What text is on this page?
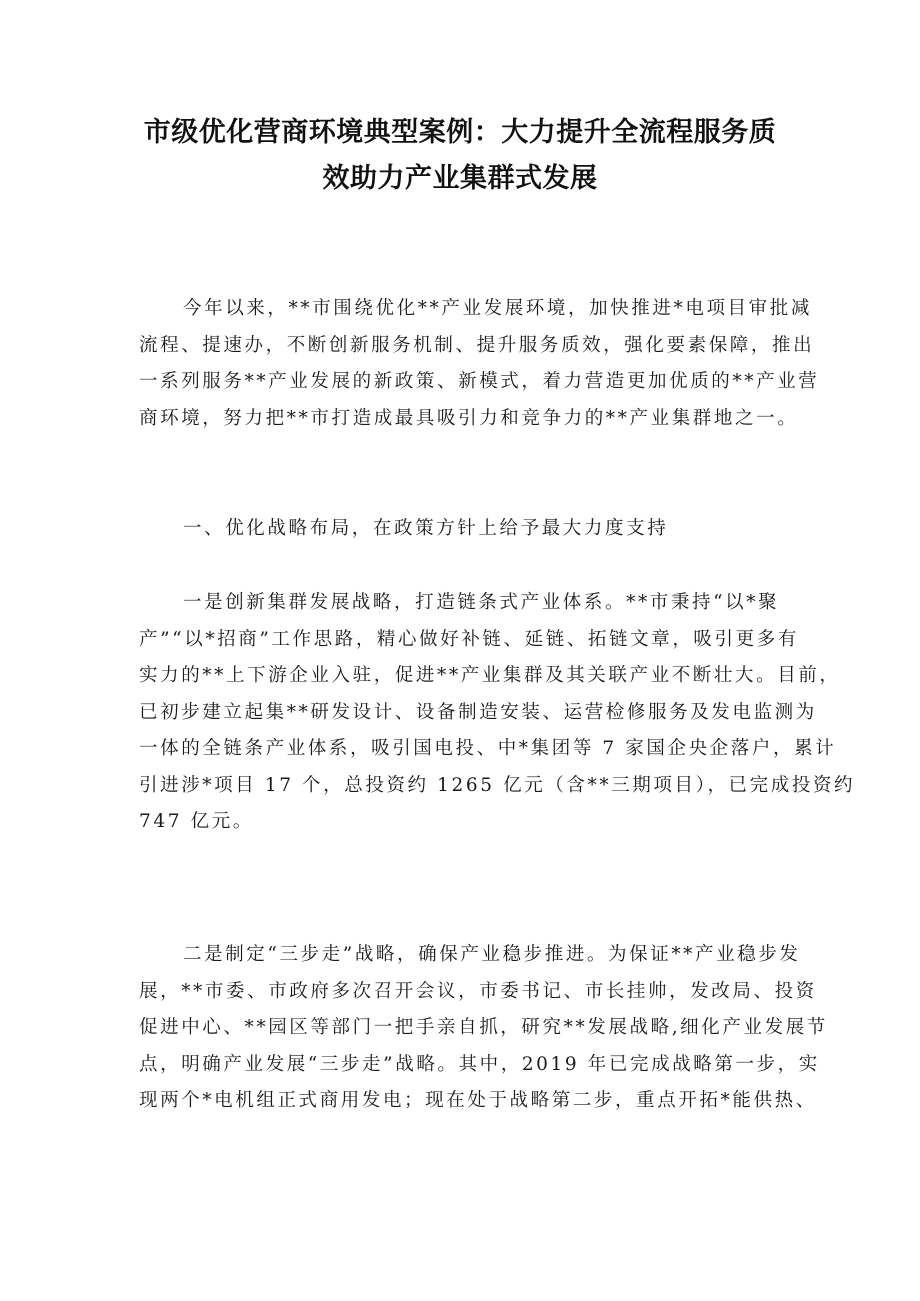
市级优化营商环境典型案例：大力提升全流程服务质
效助力产业集群式发展
今年以来，**市围绕优化**产业发展环境，加快推进*电项目审批减
流程、提速办，不断创新服务机制、提升服务质效，强化要素保障，推出
一系列服务**产业发展的新政策、新模式，着力营造更加优质的**产业营
商环境，努力把**市打造成最具吸引力和竞争力的**产业集群地之一。
一、优化战略布局，在政策方针上给予最大力度支持
一是创新集群发展战略，打造链条式产业体系。**市秉持“以*聚
产”“以*招商”工作思路，精心做好补链、延链、拓链文章，吸引更多有
实力的**上下游企业入驻，促进**产业集群及其关联产业不断壮大。目前，
已初步建立起集**研发设计、设备制造安装、运营检修服务及发电监测为
一体的全链条产业体系，吸引国电投、中*集团等 7 家国企央企落户，累计
引进涉*项目 17 个，总投资约 1265 亿元（含**三期项目），已完成投资约
747 亿元。
二是制定“三步走”战略，确保产业稳步推进。为保证**产业稳步发
展，**市委、市政府多次召开会议，市委书记、市长挂帅，发改局、投资
促进中心、**园区等部门一把手亲自抓，研究**发展战略,细化产业发展节
点，明确产业发展“三步走”战略。其中，2019 年已完成战略第一步，实
现两个*电机组正式商用发电；现在处于战略第二步，重点开拓*能供热、
